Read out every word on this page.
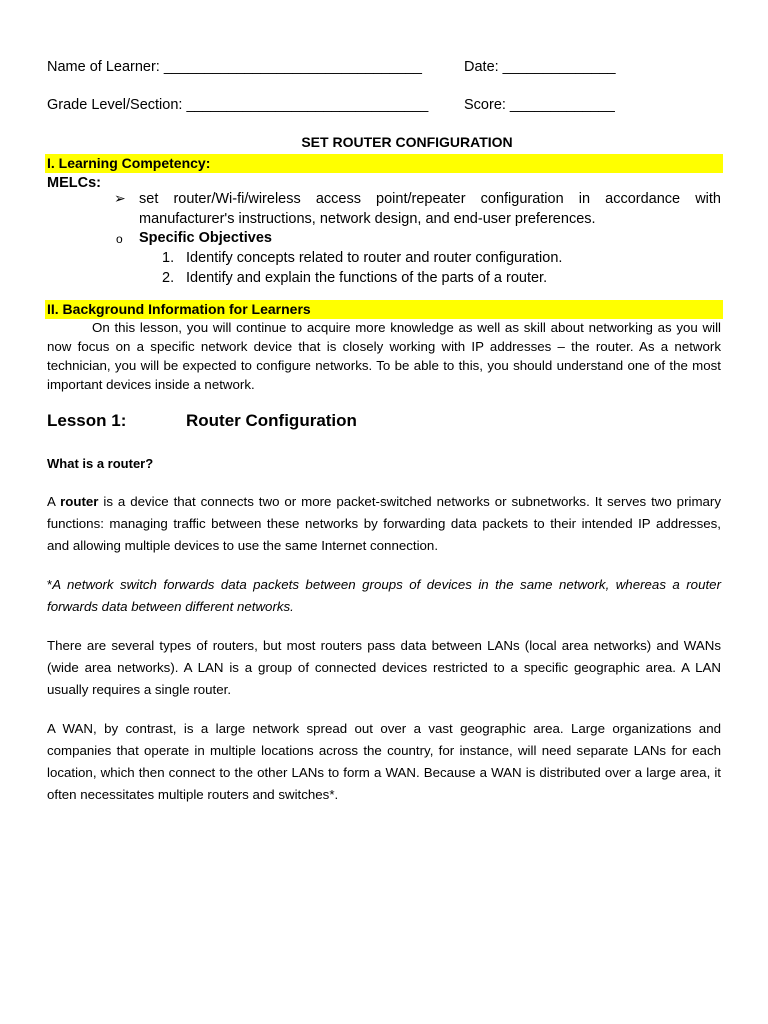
Name of Learner: ________________________________	Date: ______________
Grade Level/Section: ______________________________ Score: _____________
SET ROUTER CONFIGURATION
I. Learning Competency:
MELCs:
➢ set router/Wi-fi/wireless access point/repeater configuration in accordance with manufacturer's instructions, network design, and end-user preferences.
o Specific Objectives
1. Identify concepts related to router and router configuration.
2. Identify and explain the functions of the parts of a router.
II. Background Information for Learners
On this lesson, you will continue to acquire more knowledge as well as skill about networking as you will now focus on a specific network device that is closely working with IP addresses – the router. As a network technician, you will be expected to configure networks. To be able to this, you should understand one of the most important devices inside a network.
Lesson 1:	Router Configuration
What is a router?
A router is a device that connects two or more packet-switched networks or subnetworks. It serves two primary functions: managing traffic between these networks by forwarding data packets to their intended IP addresses, and allowing multiple devices to use the same Internet connection.
*A network switch forwards data packets between groups of devices in the same network, whereas a router forwards data between different networks.
There are several types of routers, but most routers pass data between LANs (local area networks) and WANs (wide area networks). A LAN is a group of connected devices restricted to a specific geographic area. A LAN usually requires a single router.
A WAN, by contrast, is a large network spread out over a vast geographic area. Large organizations and companies that operate in multiple locations across the country, for instance, will need separate LANs for each location, which then connect to the other LANs to form a WAN. Because a WAN is distributed over a large area, it often necessitates multiple routers and switches*.
